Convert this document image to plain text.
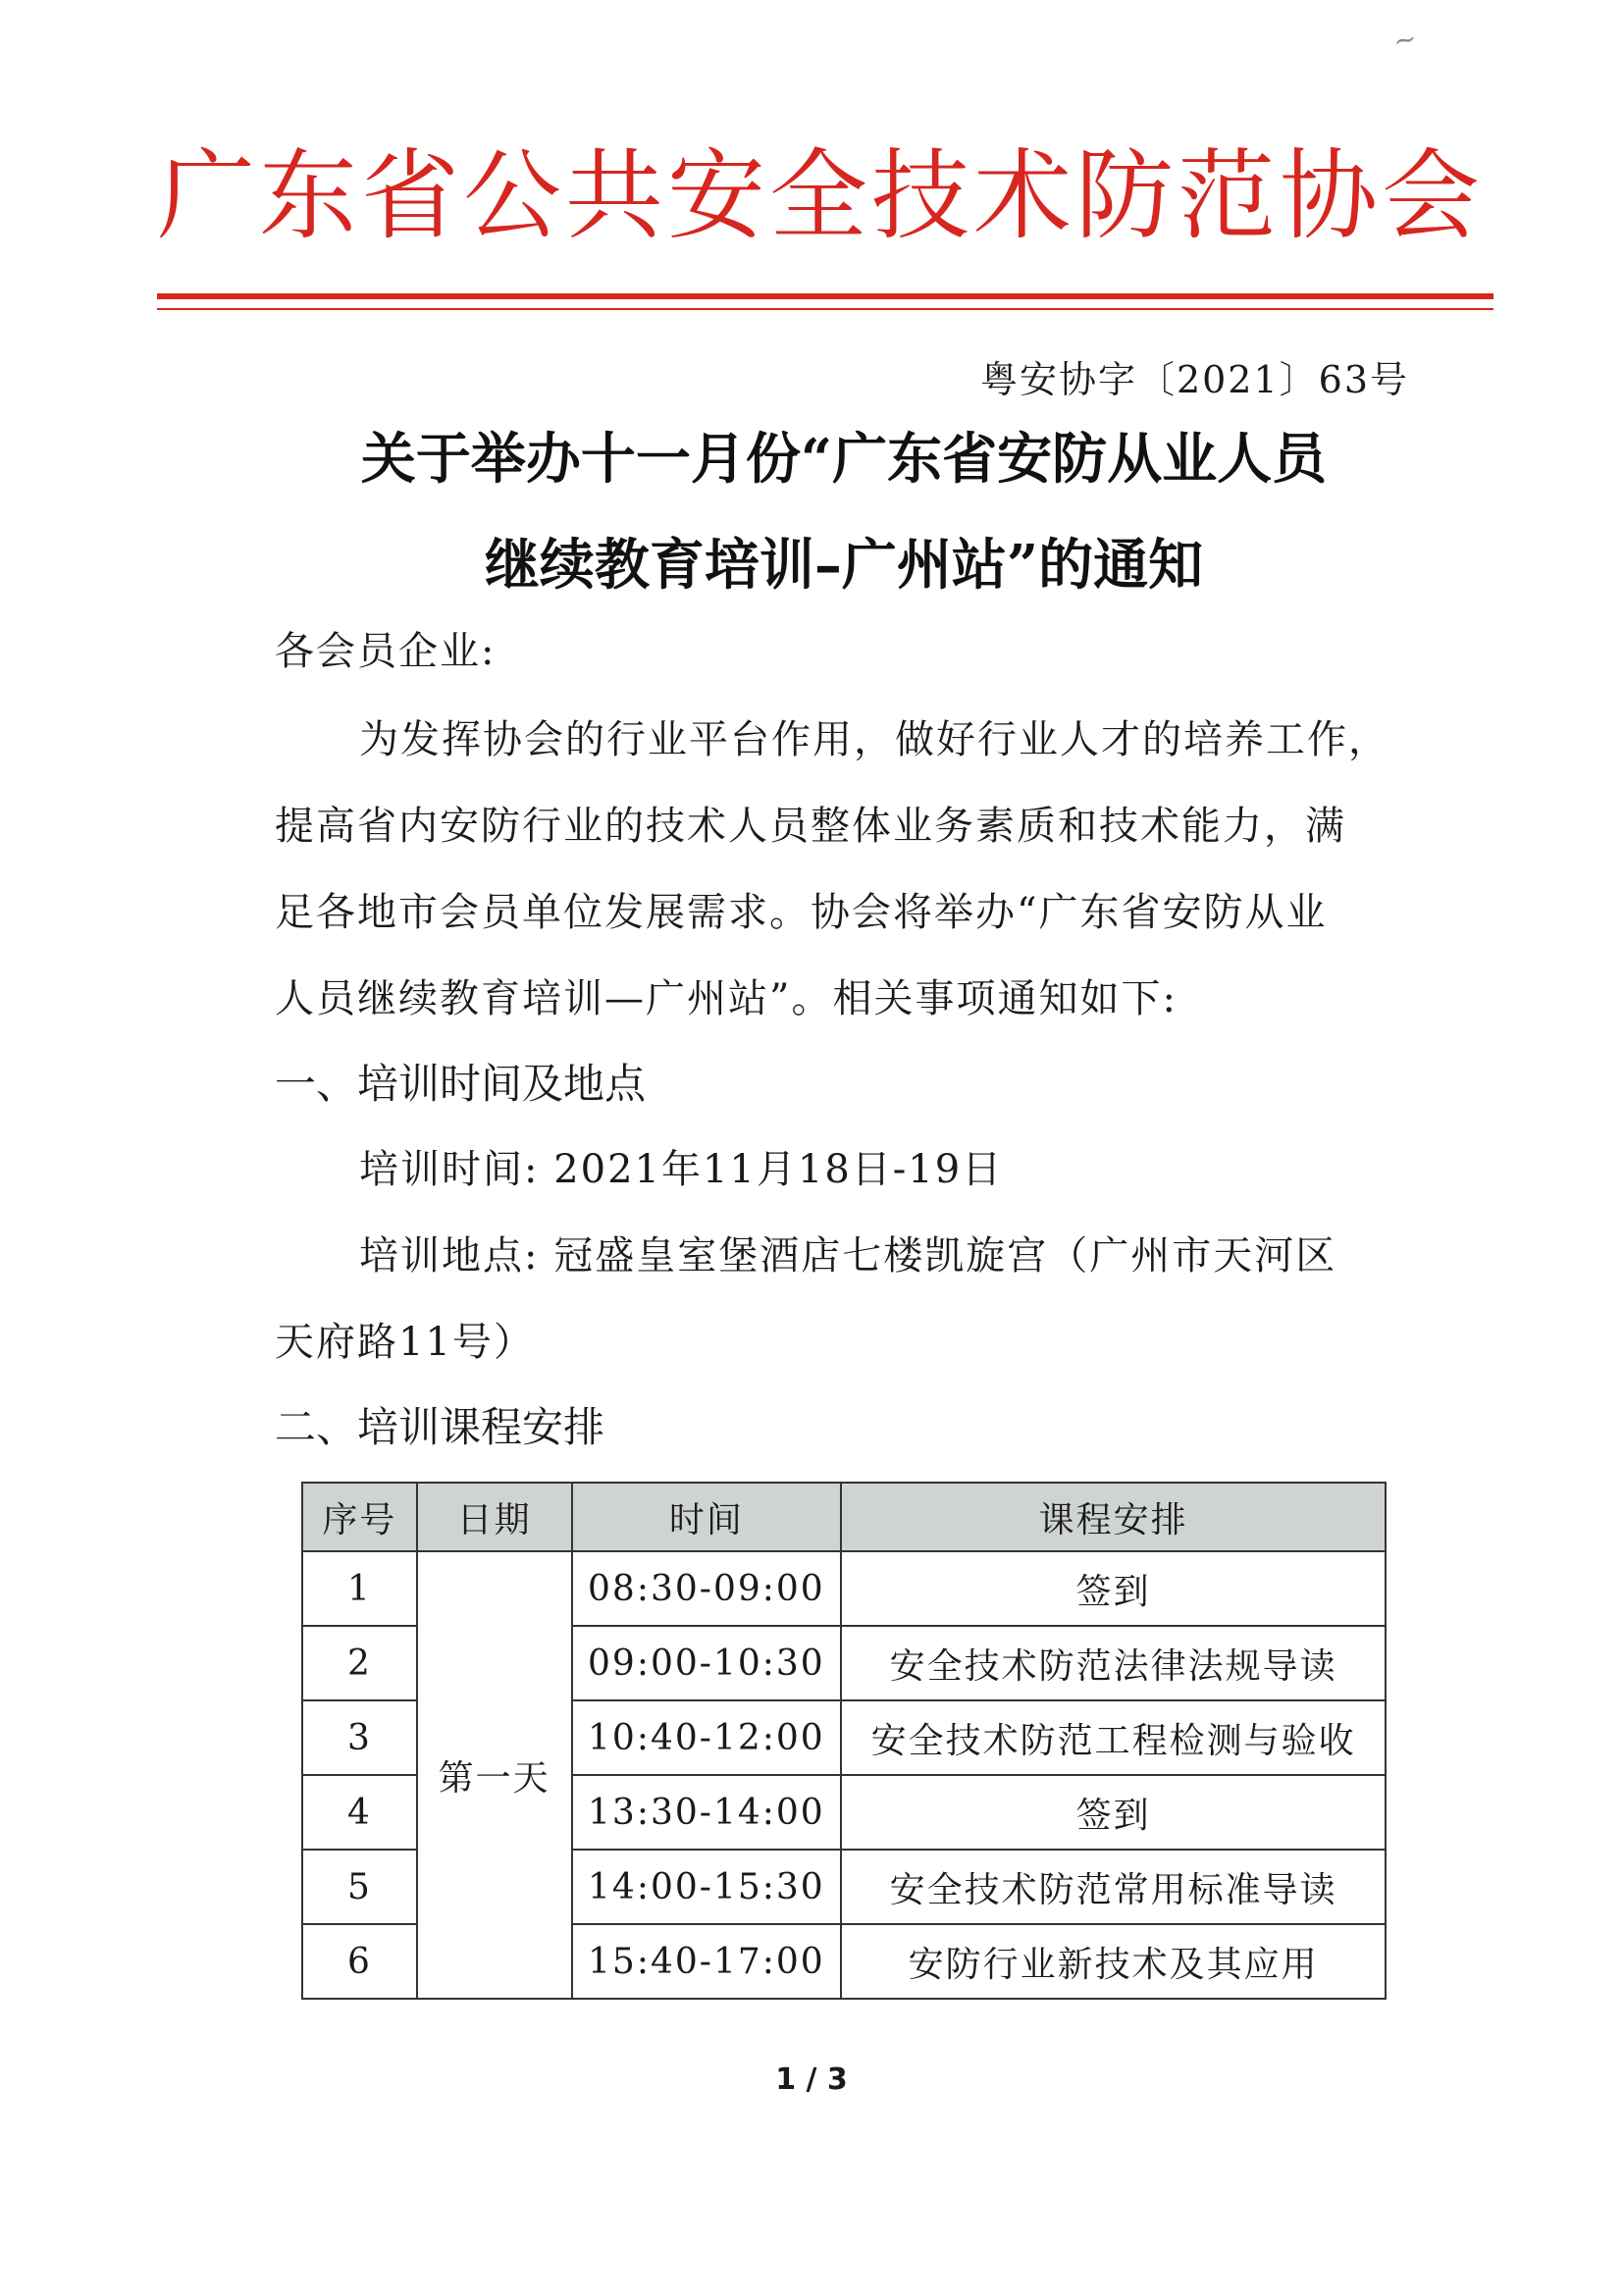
~
广东省公共安全技术防范协会
粤安协字〔2021〕63号
关于举办十一月份“广东省安防从业人员
继续教育培训–广州站”的通知
各会员企业:
为发挥协会的行业平台作用，做好行业人才的培养工作，
提高省内安防行业的技术人员整体业务素质和技术能力，满
足各地市会员单位发展需求。协会将举办“广东省安防从业
人员继续教育培训—广州站”。相关事项通知如下:
一、培训时间及地点
培训时间: 2021年11月18日-19日
培训地点: 冠盛皇室堡酒店七楼凯旋宫（广州市天河区
天府路11号）
二、培训课程安排
序号	日期	时间	课程安排
1	第一天	08:30-09:00	签到
2		09:00-10:30	安全技术防范法律法规导读
3		10:40-12:00	安全技术防范工程检测与验收
4		13:30-14:00	签到
5		14:00-15:30	安全技术防范常用标准导读
6		15:40-17:00	安防行业新技术及其应用
1 / 3
